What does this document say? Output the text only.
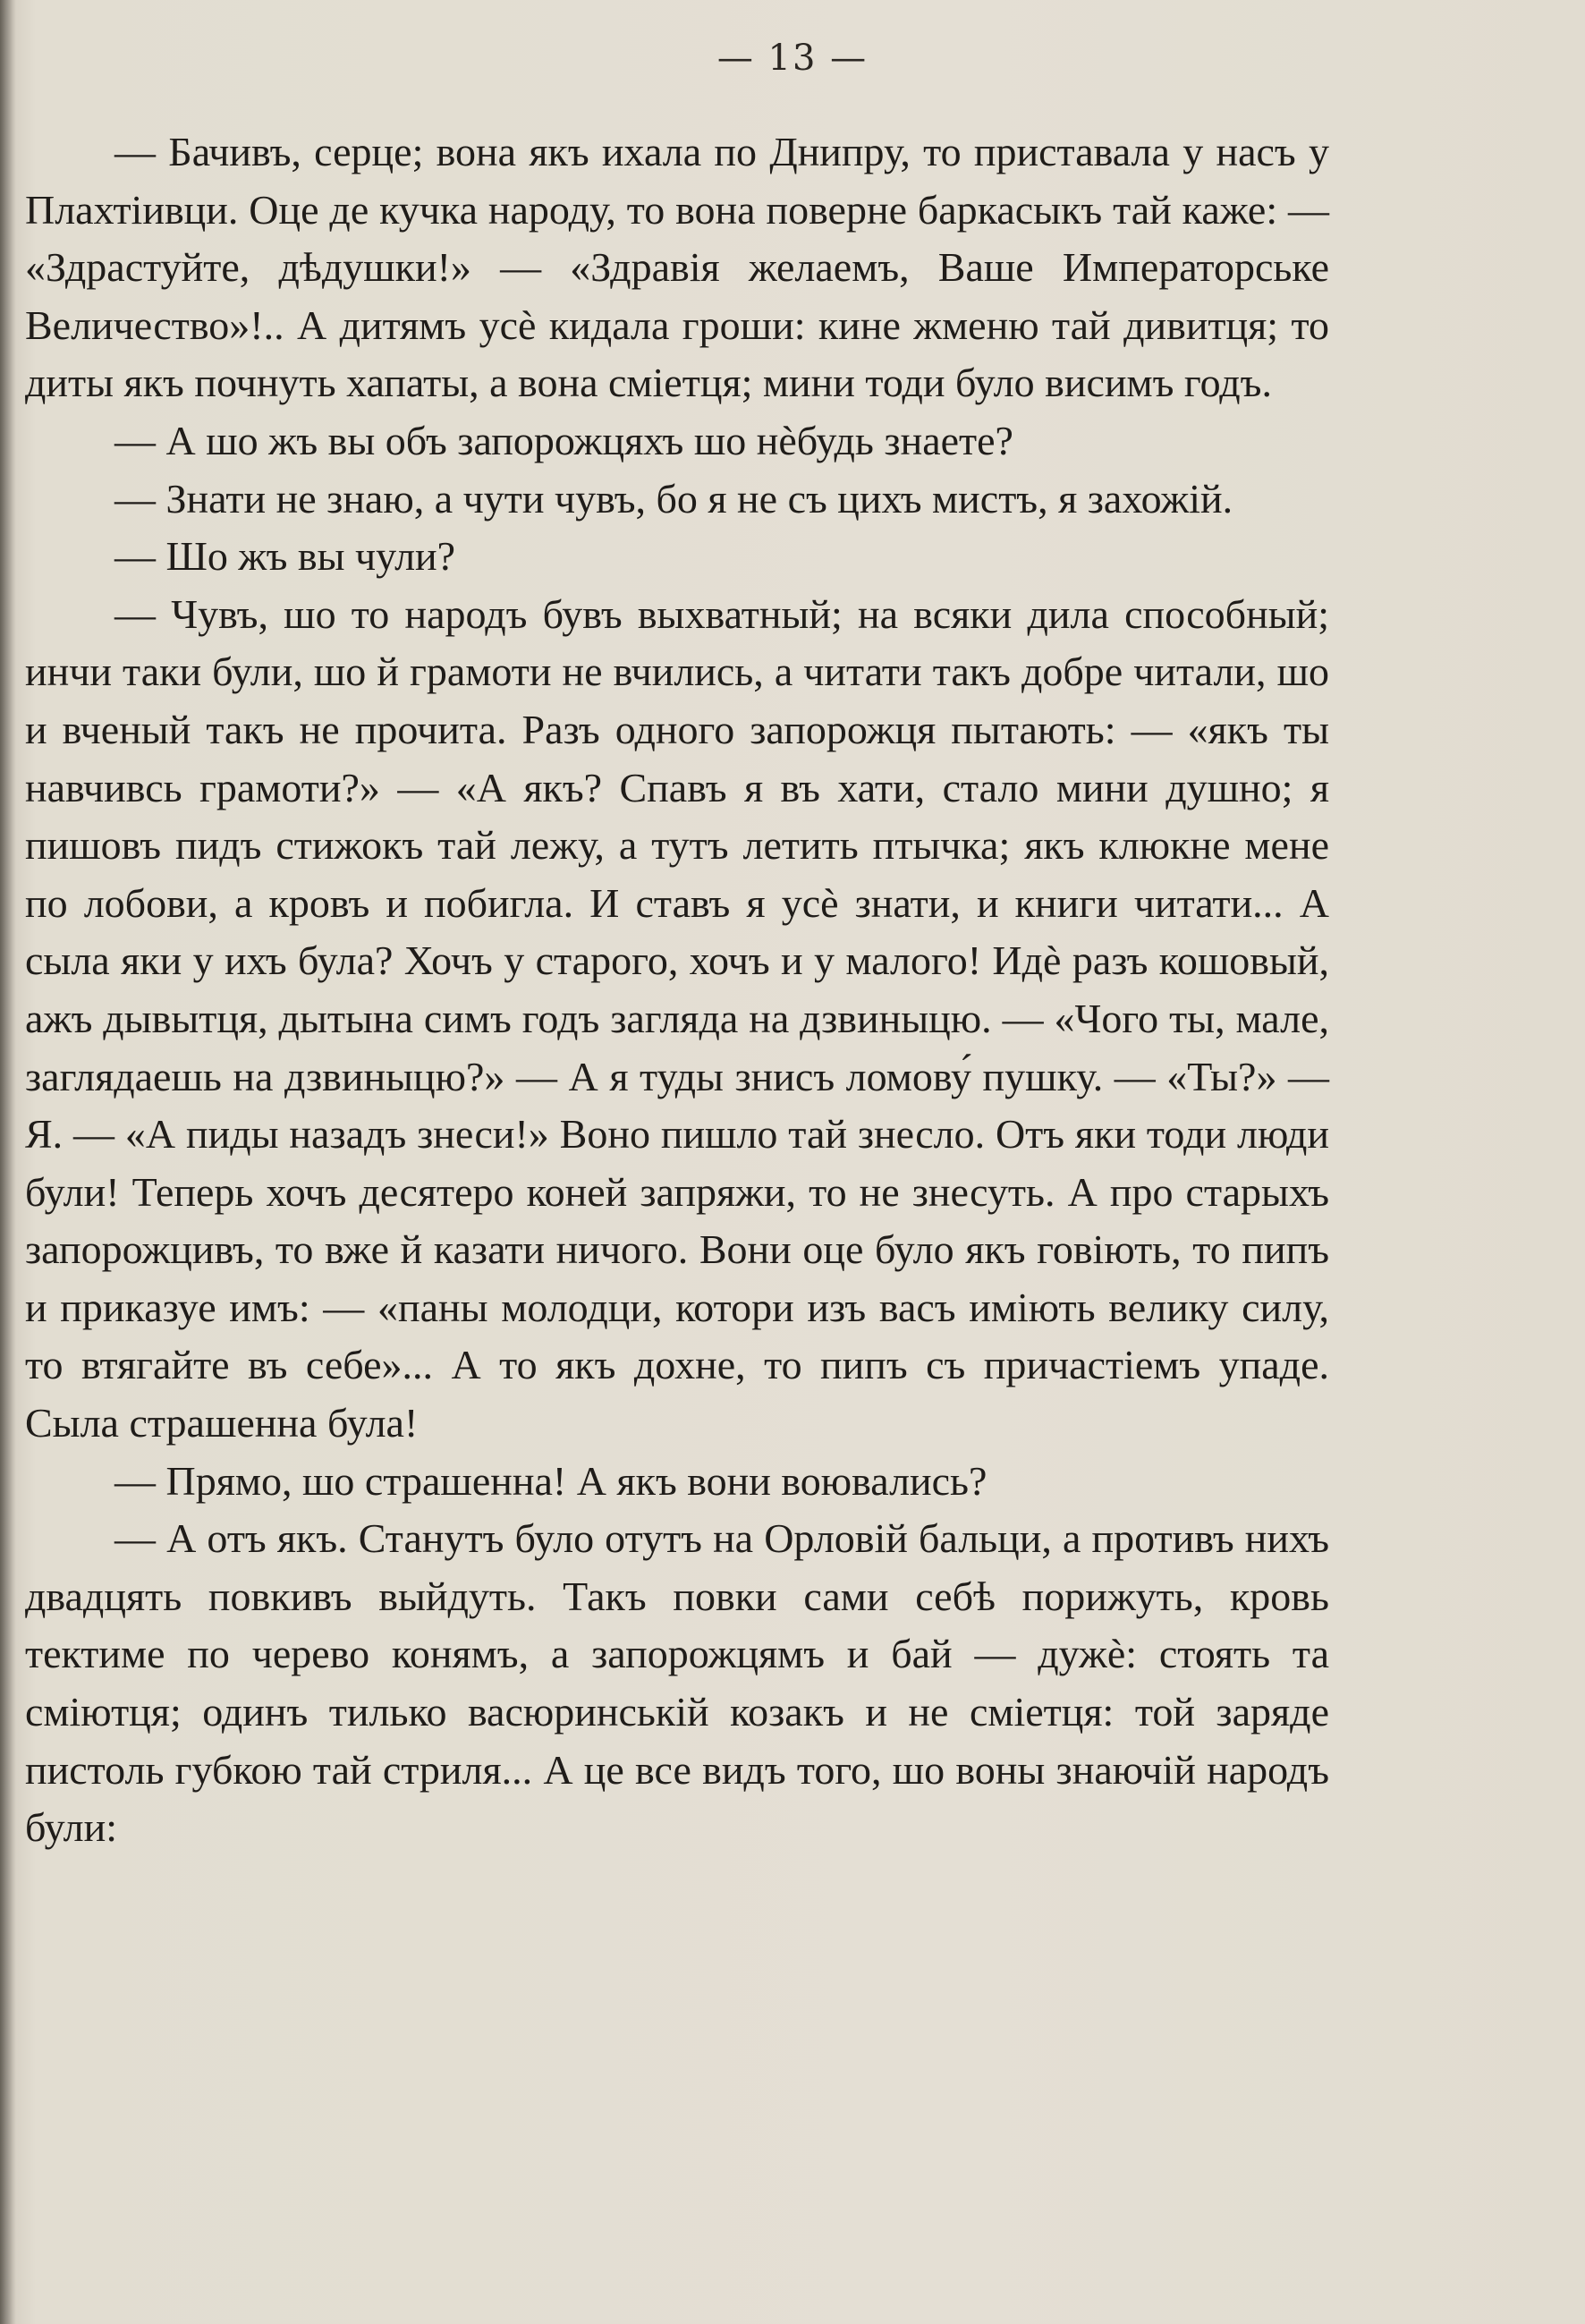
— 13 —

— Бачивъ, серце; вона якъ ихала по Днипру, то приставала у насъ у Плахтіивци. Оце де кучка народу, то вона поверне баркасыкъ тай каже: — «Здрастуйте, дѣдушки!» — «Здравія желаемъ, Ваше Императорське Величество»!.. А дитямъ усѐ кидала гроши: кине жменю тай дивитця; то диты якъ почнуть хапаты, а вона сміетця; мини тоди було висимъ годъ.

— А шо жъ вы объ запорожцяхъ шо нѐбудь знаете?

— Знати не знаю, а чути чувъ, бо я не съ цихъ мистъ, я захожій.

— Шо жъ вы чули?

— Чувъ, шо то народъ бувъ выхватный; на всяки дила способный; инчи таки були, шо й грамоти не вчились, а читати такъ добре читали, шо и вченый такъ не прочита. Разъ одного запорожця пытають: — «якъ ты навчивсь грамоти?» — «А якъ? Спавъ я въ хати, стало мини душно; я пишовъ пидъ стижокъ тай лежу, а тутъ летить птычка; якъ клюкне мене по лобови, а кровъ и побигла. И ставъ я усѐ знати, и книги читати... А сыла яки у ихъ була? Хочъ у старого, хочъ и у малого! Идѐ разъ кошовый, ажъ дывытця, дытына симъ годъ заглядa на дзвиныцю. — «Чого ты, мале, заглядаешь на дзвиныцю?» — А я туды знисъ ломову́ пушку. — «Ты?» — Я. — «А пиды назадъ знеси!» Воно пишло тай знесло. Отъ яки тоди люди були! Теперь хочъ десятеро коней запряжи, то не знесуть. А про старыхъ запорожцивъ, то вже й казати ничого. Вони оце було якъ говіють, то пипъ и приказуе имъ: — «паны молодци, котори изъ васъ имiють велику силу, то втягайте въ себе»... А то якъ дохне, то пипъ съ причастіемъ упаде. Сыла страшенна була!

— Прямо, шо страшенна! А якъ вони воювались?

— А отъ якъ. Станутъ було отутъ на Орловій бальци, а противъ нихъ двадцять повкивъ выйдуть. Такъ повки сами себѣ порижуть, кровь тектиме по черево конямъ, а запорожцямъ и бай — дужѐ: стоять та сміютця; одинъ тилько васюринській козакъ и не сміетця: той заряде пистоль губкою тай стриля... А це все видъ того, шо воны знаючій народъ були:
